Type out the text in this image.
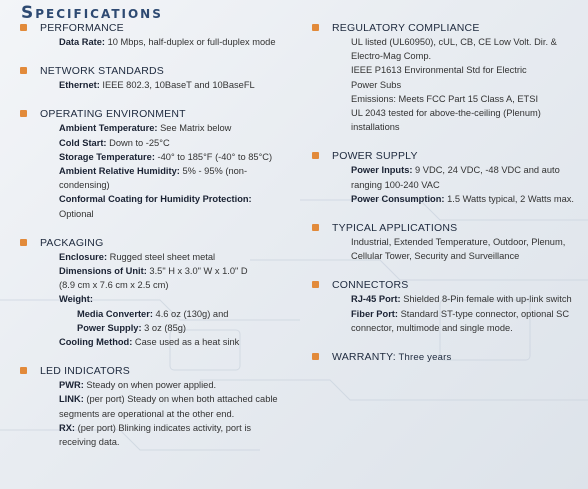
Specifications
PERFORMANCE
Data Rate: 10 Mbps, half-duplex or full-duplex mode
NETWORK STANDARDS
Ethernet: IEEE 802.3, 10BaseT and 10BaseFL
OPERATING ENVIRONMENT
Ambient Temperature: See Matrix below
Cold Start: Down to -25°C
Storage Temperature: -40° to 185°F (-40° to 85°C)
Ambient Relative Humidity: 5% - 95% (non-
condensing)
Conformal Coating for Humidity Protection:
Optional
PACKAGING
Enclosure: Rugged steel sheet metal
Dimensions of Unit: 3.5" H x 3.0" W x 1.0" D
(8.9 cm x 7.6 cm x 2.5 cm)
Weight:
Media Converter: 4.6 oz (130g) and
Power Supply: 3 oz (85g)
Cooling Method: Case used as a heat sink
LED INDICATORS
PWR: Steady on when power applied.
LINK: (per port) Steady on when both attached cable
segments are operational at the other end.
RX: (per port) Blinking indicates activity, port is
receiving data.
REGULATORY COMPLIANCE
UL listed (UL60950), cUL, CB, CE Low Volt. Dir. &
Electro-Mag Comp.
IEEE P1613 Environmental Std for Electric
Power Subs
Emissions: Meets FCC Part 15 Class A, ETSI
UL 2043 tested for above-the-ceiling (Plenum)
installations
POWER SUPPLY
Power Inputs: 9 VDC, 24 VDC, -48 VDC and auto
ranging 100-240 VAC
Power Consumption: 1.5 Watts typical, 2 Watts max.
TYPICAL APPLICATIONS
Industrial, Extended Temperature, Outdoor, Plenum,
Cellular Tower, Security and Surveillance
CONNECTORS
RJ-45 Port: Shielded 8-Pin female with up-link switch
Fiber Port: Standard ST-type connector, optional SC
connector, multimode and single mode.
WARRANTY: Three years
